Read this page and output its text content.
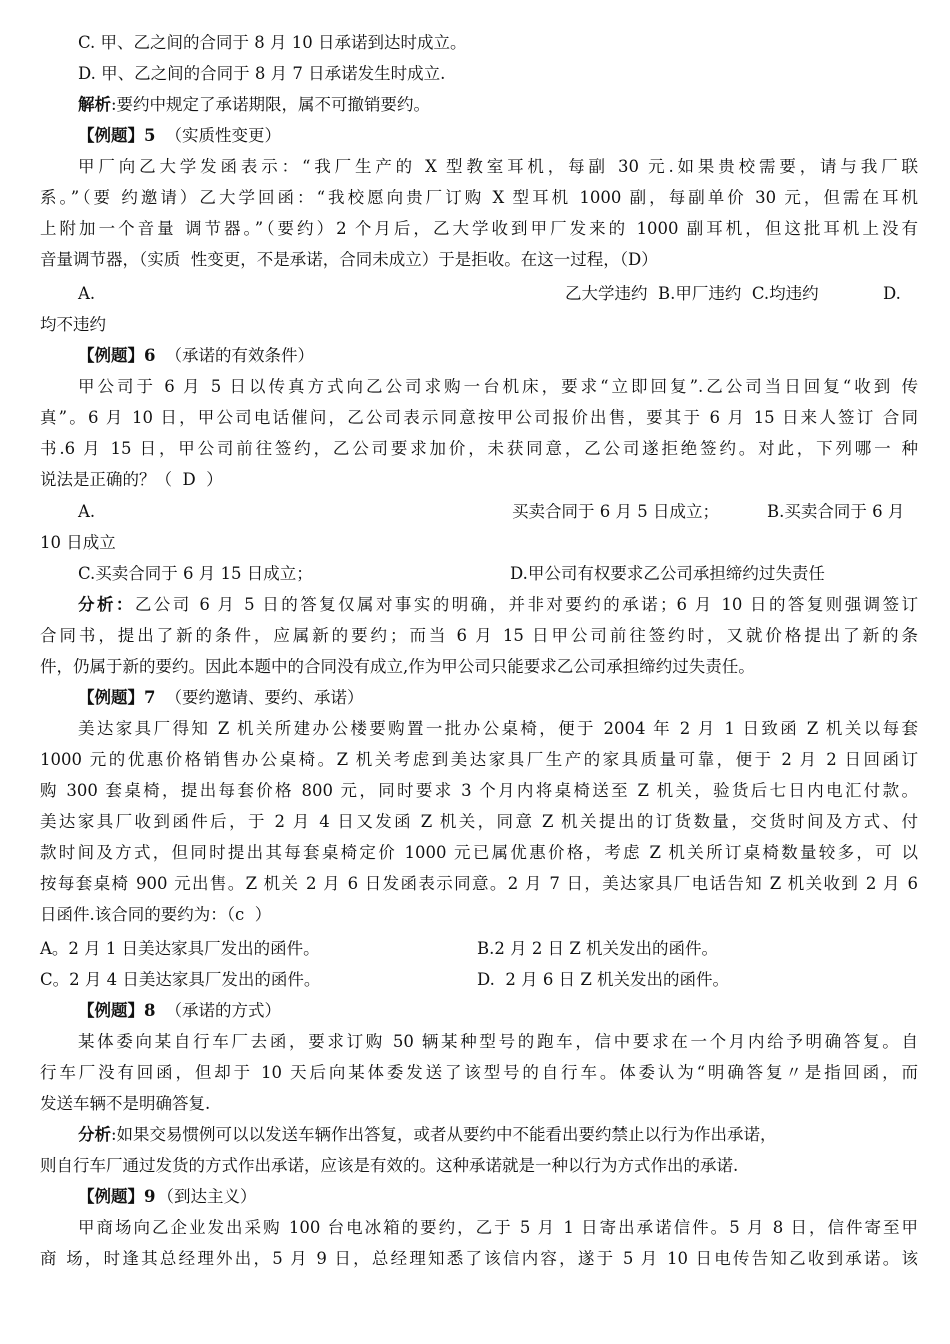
C. 甲、乙之间的合同于 8 月 10 日承诺到达时成立。
D. 甲、乙之间的合同于 8 月 7 日承诺发生时成立.
解析:要约中规定了承诺期限，属不可撤销要约。
【例题】5 （实质性变更）
甲厂向乙大学发函表示：“我厂生产的 X 型教室耳机，每副 30 元.如果贵校需要，请与我厂联
系。”（要 约邀请）乙大学回函：“我校愿向贵厂订购 X 型耳机 1000 副，每副单价 30 元，但需在耳机
上附加一个音量 调节器。”（要约）2 个月后，乙大学收到甲厂发来的 1000 副耳机，但这批耳机上没有
音量调节器，（实质  性变更，不是承诺，合同未成立）于是拒收。在这一过程，（D）
A.	乙大学违约  B.甲厂违约  C.均违约	D.
均不违约
【例题】6 （承诺的有效条件）
甲公司于 6 月 5 日以传真方式向乙公司求购一台机床，要求“立即回复”.乙公司当日回复“收到 传
真”。6 月 10 日，甲公司电话催问，乙公司表示同意按甲公司报价出售，要其于 6 月 15 日来人签订 合同
书.6 月 15 日，甲公司前往签约，乙公司要求加价，未获同意，乙公司遂拒绝签约。对此，下列哪一 种
说法是正确的？（  D  ）
A.	买卖合同于 6 月 5 日成立；	B.买卖合同于 6 月
10 日成立
C.买卖合同于 6 月 15 日成立；	D.甲公司有权要求乙公司承担缔约过失责任
分析：乙公司 6 月 5 日的答复仅属对事实的明确，并非对要约的承诺；6 月 10 日的答复则强调签订
合同书，提出了新的条件，应属新的要约；而当 6 月 15 日甲公司前往签约时，又就价格提出了新的条
件，仍属于新的要约。因此本题中的合同没有成立,作为甲公司只能要求乙公司承担缔约过失责任。
【例题】7 （要约邀请、要约、承诺）
美达家具厂得知 Z 机关所建办公楼要购置一批办公桌椅，便于 2004 年 2 月 1 日致函 Z 机关以每套
1000 元的优惠价格销售办公桌椅。Z 机关考虑到美达家具厂生产的家具质量可靠，便于 2 月 2 日回函订
购 300 套桌椅，提出每套价格 800 元，同时要求 3 个月内将桌椅送至 Z 机关，验货后七日内电汇付款。
美达家具厂收到函件后，于 2 月 4 日又发函 Z 机关，同意 Z 机关提出的订货数量，交货时间及方式、付
款时间及方式，但同时提出其每套桌椅定价 1000 元已属优惠价格，考虑 Z 机关所订桌椅数量较多，可 以
按每套桌椅 900 元出售。Z 机关 2 月 6 日发函表示同意。2 月 7 日，美达家具厂电话告知 Z 机关收到 2 月 6
日函件.该合同的要约为：（c  ）
A。2 月 1 日美达家具厂发出的函件。	B.2 月 2 日 Z 机关发出的函件。
C。2 月 4 日美达家具厂发出的函件。	D.  2 月 6 日 Z 机关发出的函件。
【例题】8 （承诺的方式）
某体委向某自行车厂去函，要求订购 50 辆某种型号的跑车，信中要求在一个月内给予明确答复。自
行车厂没有回函，但却于 10 天后向某体委发送了该型号的自行车。体委认为“明确答复〃是指回函，而
发送车辆不是明确答复.
分析:如果交易惯例可以以发送车辆作出答复，或者从要约中不能看出要约禁止以行为作出承诺，
则自行车厂通过发货的方式作出承诺，应该是有效的。这种承诺就是一种以行为方式作出的承诺.
【例题】9 （到达主义）
甲商场向乙企业发出采购 100 台电冰箱的要约，乙于 5 月 1 日寄出承诺信件。5 月 8 日，信件寄至甲
商 场，时逢其总经理外出，5 月 9 日，总经理知悉了该信内容，遂于 5 月 10 日电传告知乙收到承诺。该
